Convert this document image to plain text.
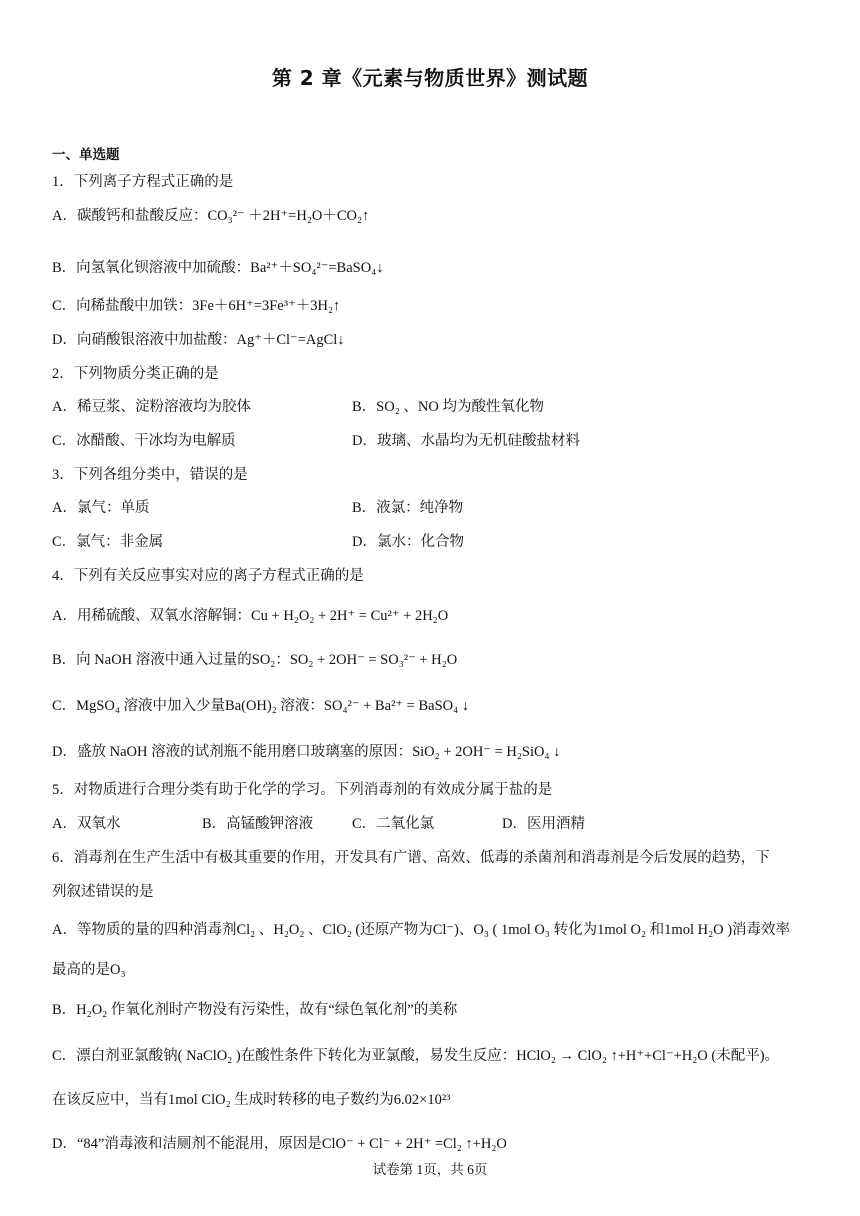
第 2 章《元素与物质世界》测试题
一、单选题
1．下列离子方程式正确的是
A．碳酸钙和盐酸反应：CO₃²⁻ ＋2H⁺=H₂O＋CO₂↑
B．向氢氧化钡溶液中加硫酸：Ba²⁺＋SO₄²⁻=BaSO₄↓
C．向稀盐酸中加铁：3Fe＋6H⁺=3Fe³⁺＋3H₂↑
D．向硝酸银溶液中加盐酸：Ag⁺＋Cl⁻=AgCl↓
2．下列物质分类正确的是
A．稀豆浆、淀粉溶液均为胶体	B．SO₂ 、NO 均为酸性氧化物
C．冰醋酸、干冰均为电解质	D．玻璃、水晶均为无机硅酸盐材料
3．下列各组分类中，错误的是
A．氯气：单质	B．液氯：纯净物
C．氯气：非金属	D．氯水：化合物
4．下列有关反应事实对应的离子方程式正确的是
A．用稀硫酸、双氧水溶解铜：Cu + H₂O₂ + 2H⁺ = Cu²⁺ + 2H₂O
B．向 NaOH 溶液中通入过量的SO₂：SO₂ + 2OH⁻ = SO₃²⁻ + H₂O
C．MgSO₄ 溶液中加入少量Ba(OH)₂ 溶液：SO₄²⁻ + Ba²⁺ = BaSO₄ ↓
D．盛放 NaOH 溶液的试剂瓶不能用磨口玻璃塞的原因：SiO₂ + 2OH⁻ = H₂SiO₄ ↓
5．对物质进行合理分类有助于化学的学习。下列消毒剂的有效成分属于盐的是
A．双氧水	B．高锰酸钾溶液	C．二氧化氯	D．医用酒精
6．消毒剂在生产生活中有极其重要的作用，开发具有广谱、高效、低毒的杀菌剂和消毒剂是今后发展的趋势，下
列叙述错误的是
A．等物质的量的四种消毒剂Cl₂ 、H₂O₂ 、ClO₂ (还原产物为Cl⁻)、O₃ ( 1mol O₃ 转化为1mol O₂ 和1mol H₂O )消毒效率
最高的是O₃
B．H₂O₂ 作氧化剂时产物没有污染性，故有“绿色氧化剂”的美称
C．漂白剂亚氯酸钠( NaClO₂ )在酸性条件下转化为亚氯酸，易发生反应：HClO₂ → ClO₂ ↑+H⁺+Cl⁻+H₂O (未配平)。
在该反应中，当有1mol ClO₂ 生成时转移的电子数约为6.02×10²³
D．“84”消毒液和洁厕剂不能混用，原因是ClO⁻ + Cl⁻ + 2H⁺ =Cl₂ ↑+H₂O
试卷第 1页，共 6页
